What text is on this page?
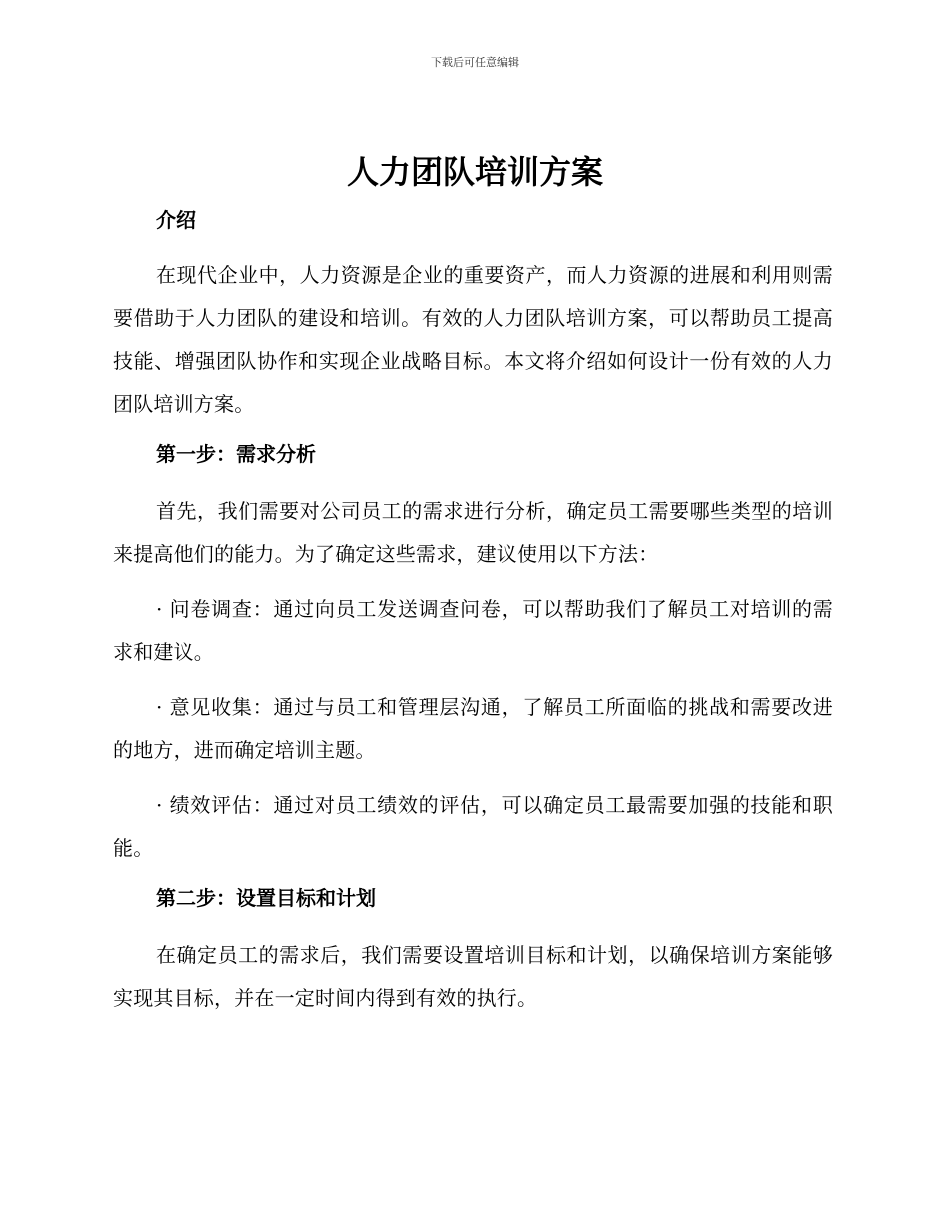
下载后可任意编辑
人力团队培训方案
介绍

在现代企业中，人力资源是企业的重要资产，而人力资源的进展和利用则需要借助于人力团队的建设和培训。有效的人力团队培训方案，可以帮助员工提高技能、增强团队协作和实现企业战略目标。本文将介绍如何设计一份有效的人力团队培训方案。

第一步：需求分析

首先，我们需要对公司员工的需求进行分析，确定员工需要哪些类型的培训来提高他们的能力。为了确定这些需求，建议使用以下方法：

· 问卷调查：通过向员工发送调查问卷，可以帮助我们了解员工对培训的需求和建议。

· 意见收集：通过与员工和管理层沟通，了解员工所面临的挑战和需要改进的地方，进而确定培训主题。

· 绩效评估：通过对员工绩效的评估，可以确定员工最需要加强的技能和职能。

第二步：设置目标和计划

在确定员工的需求后，我们需要设置培训目标和计划，以确保培训方案能够实现其目标，并在一定时间内得到有效的执行。
